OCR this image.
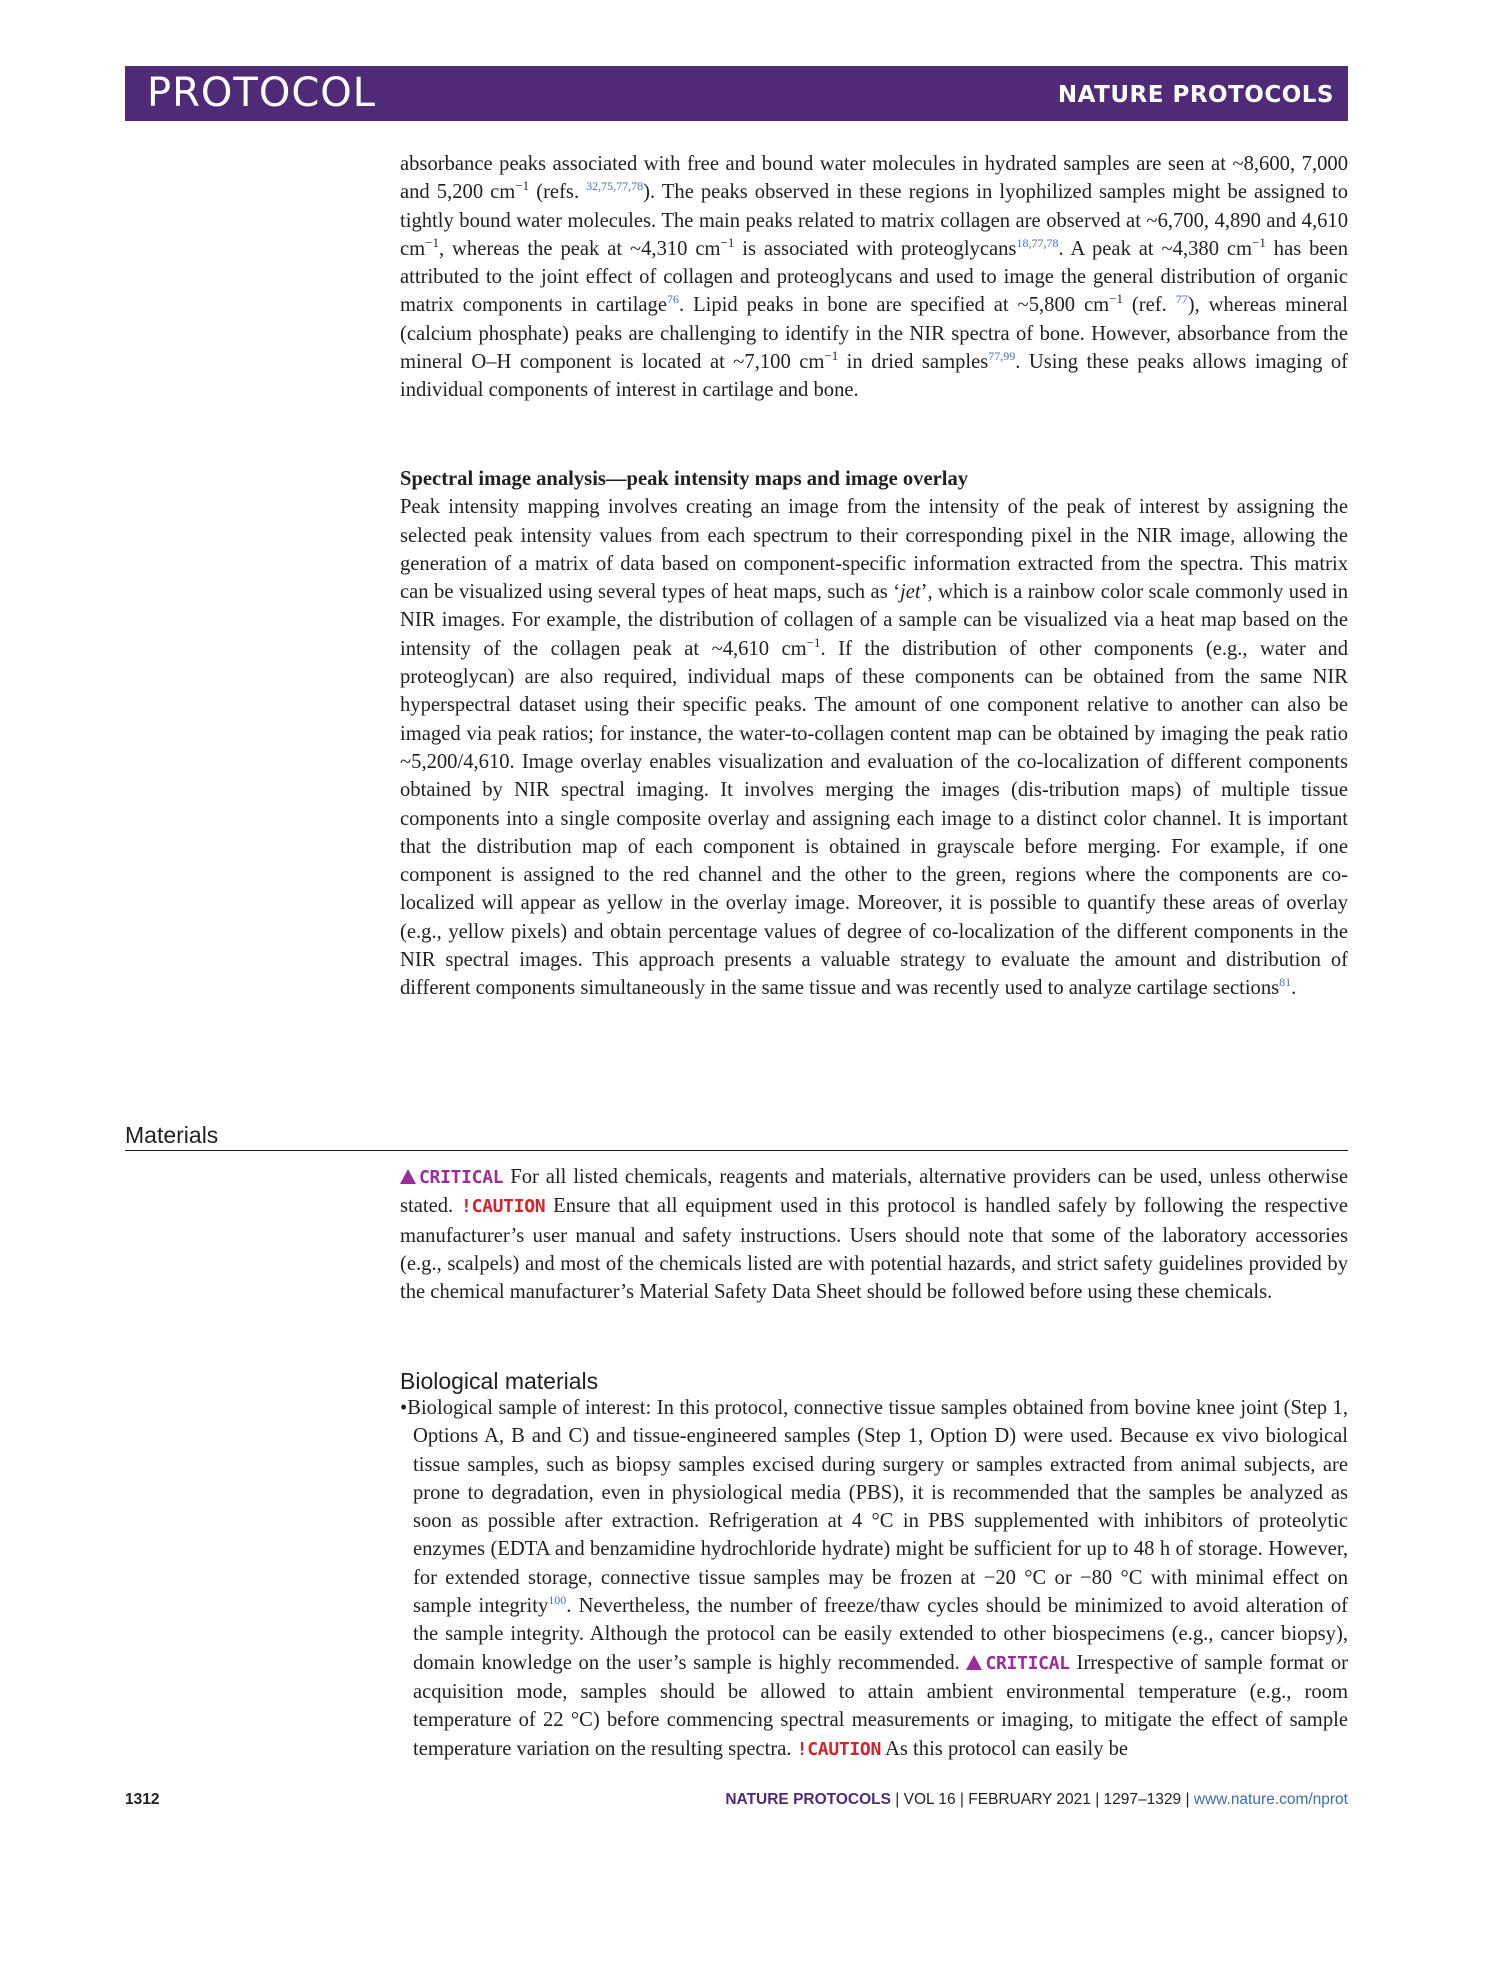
PROTOCOL	NATURE PROTOCOLS

absorbance peaks associated with free and bound water molecules in hydrated samples are seen at ~8,600, 7,000 and 5,200 $cm^{-1}$ (refs. $^{32,75,77,78}$). The peaks observed in these regions in lyophilized samples might be assigned to tightly bound water molecules. The main peaks related to matrix collagen are observed at ~6,700, 4,890 and 4,610 $cm^{-1}$, whereas the peak at ~4,310 $cm^{-1}$ is associated with proteoglycans$^{18,77,78}$. A peak at ~4,380 $cm^{-1}$ has been attributed to the joint effect of collagen and proteoglycans and used to image the general distribution of organic matrix components in cartilage$^{76}$. Lipid peaks in bone are specified at ~5,800 $cm^{-1}$ (ref. $^{77}$), whereas mineral (calcium phosphate) peaks are challenging to identify in the NIR spectra of bone. However, absorbance from the mineral O–H component is located at ~7,100 $cm^{-1}$ in dried samples$^{77,99}$. Using these peaks allows imaging of individual components of interest in cartilage and bone.

Spectral image analysis—peak intensity maps and image overlay

Peak intensity mapping involves creating an image from the intensity of the peak of interest by assigning the selected peak intensity values from each spectrum to their corresponding pixel in the NIR image, allowing the generation of a matrix of data based on component-specific information extracted from the spectra. This matrix can be visualized using several types of heat maps, such as ‘jet’, which is a rainbow color scale commonly used in NIR images. For example, the distribution of collagen of a sample can be visualized via a heat map based on the intensity of the collagen peak at ~4,610 $cm^{-1}$. If the distribution of other components (e.g., water and proteoglycan) are also required, individual maps of these components can be obtained from the same NIR hyperspectral dataset using their specific peaks. The amount of one component relative to another can also be imaged via peak ratios; for instance, the water-to-collagen content map can be obtained by imaging the peak ratio ~5,200/4,610. Image overlay enables visualization and evaluation of the co-localization of different components obtained by NIR spectral imaging. It involves merging the images (dis-tribution maps) of multiple tissue components into a single composite overlay and assigning each image to a distinct color channel. It is important that the distribution map of each component is obtained in grayscale before merging. For example, if one component is assigned to the red channel and the other to the green, regions where the components are co-localized will appear as yellow in the overlay image. Moreover, it is possible to quantify these areas of overlay (e.g., yellow pixels) and obtain percentage values of degree of co-localization of the different components in the NIR spectral images. This approach presents a valuable strategy to evaluate the amount and distribution of different components simultaneously in the same tissue and was recently used to analyze cartilage sections$^{81}$.

Materials

CRITICAL For all listed chemicals, reagents and materials, alternative providers can be used, unless otherwise stated. !CAUTION Ensure that all equipment used in this protocol is handled safely by following the respective manufacturer’s user manual and safety instructions. Users should note that some of the laboratory accessories (e.g., scalpels) and most of the chemicals listed are with potential hazards, and strict safety guidelines provided by the chemical manufacturer’s Material Safety Data Sheet should be followed before using these chemicals.

Biological materials

•Biological sample of interest: In this protocol, connective tissue samples obtained from bovine knee joint (Step 1, Options A, B and C) and tissue-engineered samples (Step 1, Option D) were used. Because ex vivo biological tissue samples, such as biopsy samples excised during surgery or samples extracted from animal subjects, are prone to degradation, even in physiological media (PBS), it is recommended that the samples be analyzed as soon as possible after extraction. Refrigeration at 4 °C in PBS supplemented with inhibitors of proteolytic enzymes (EDTA and benzamidine hydrochloride hydrate) might be sufficient for up to 48 h of storage. However, for extended storage, connective tissue samples may be frozen at −20 °C or −80 °C with minimal effect on sample integrity$^{100}$. Nevertheless, the number of freeze/thaw cycles should be minimized to avoid alteration of the sample integrity. Although the protocol can be easily extended to other biospecimens (e.g., cancer biopsy), domain knowledge on the user’s sample is highly recommended. CRITICAL Irrespective of sample format or acquisition mode, samples should be allowed to attain ambient environmental temperature (e.g., room temperature of 22 °C) before commencing spectral measurements or imaging, to mitigate the effect of sample temperature variation on the resulting spectra. !CAUTION As this protocol can easily be

1312	NATURE PROTOCOLS | VOL 16 | FEBRUARY 2021 | 1297–1329 | www.nature.com/nprot
